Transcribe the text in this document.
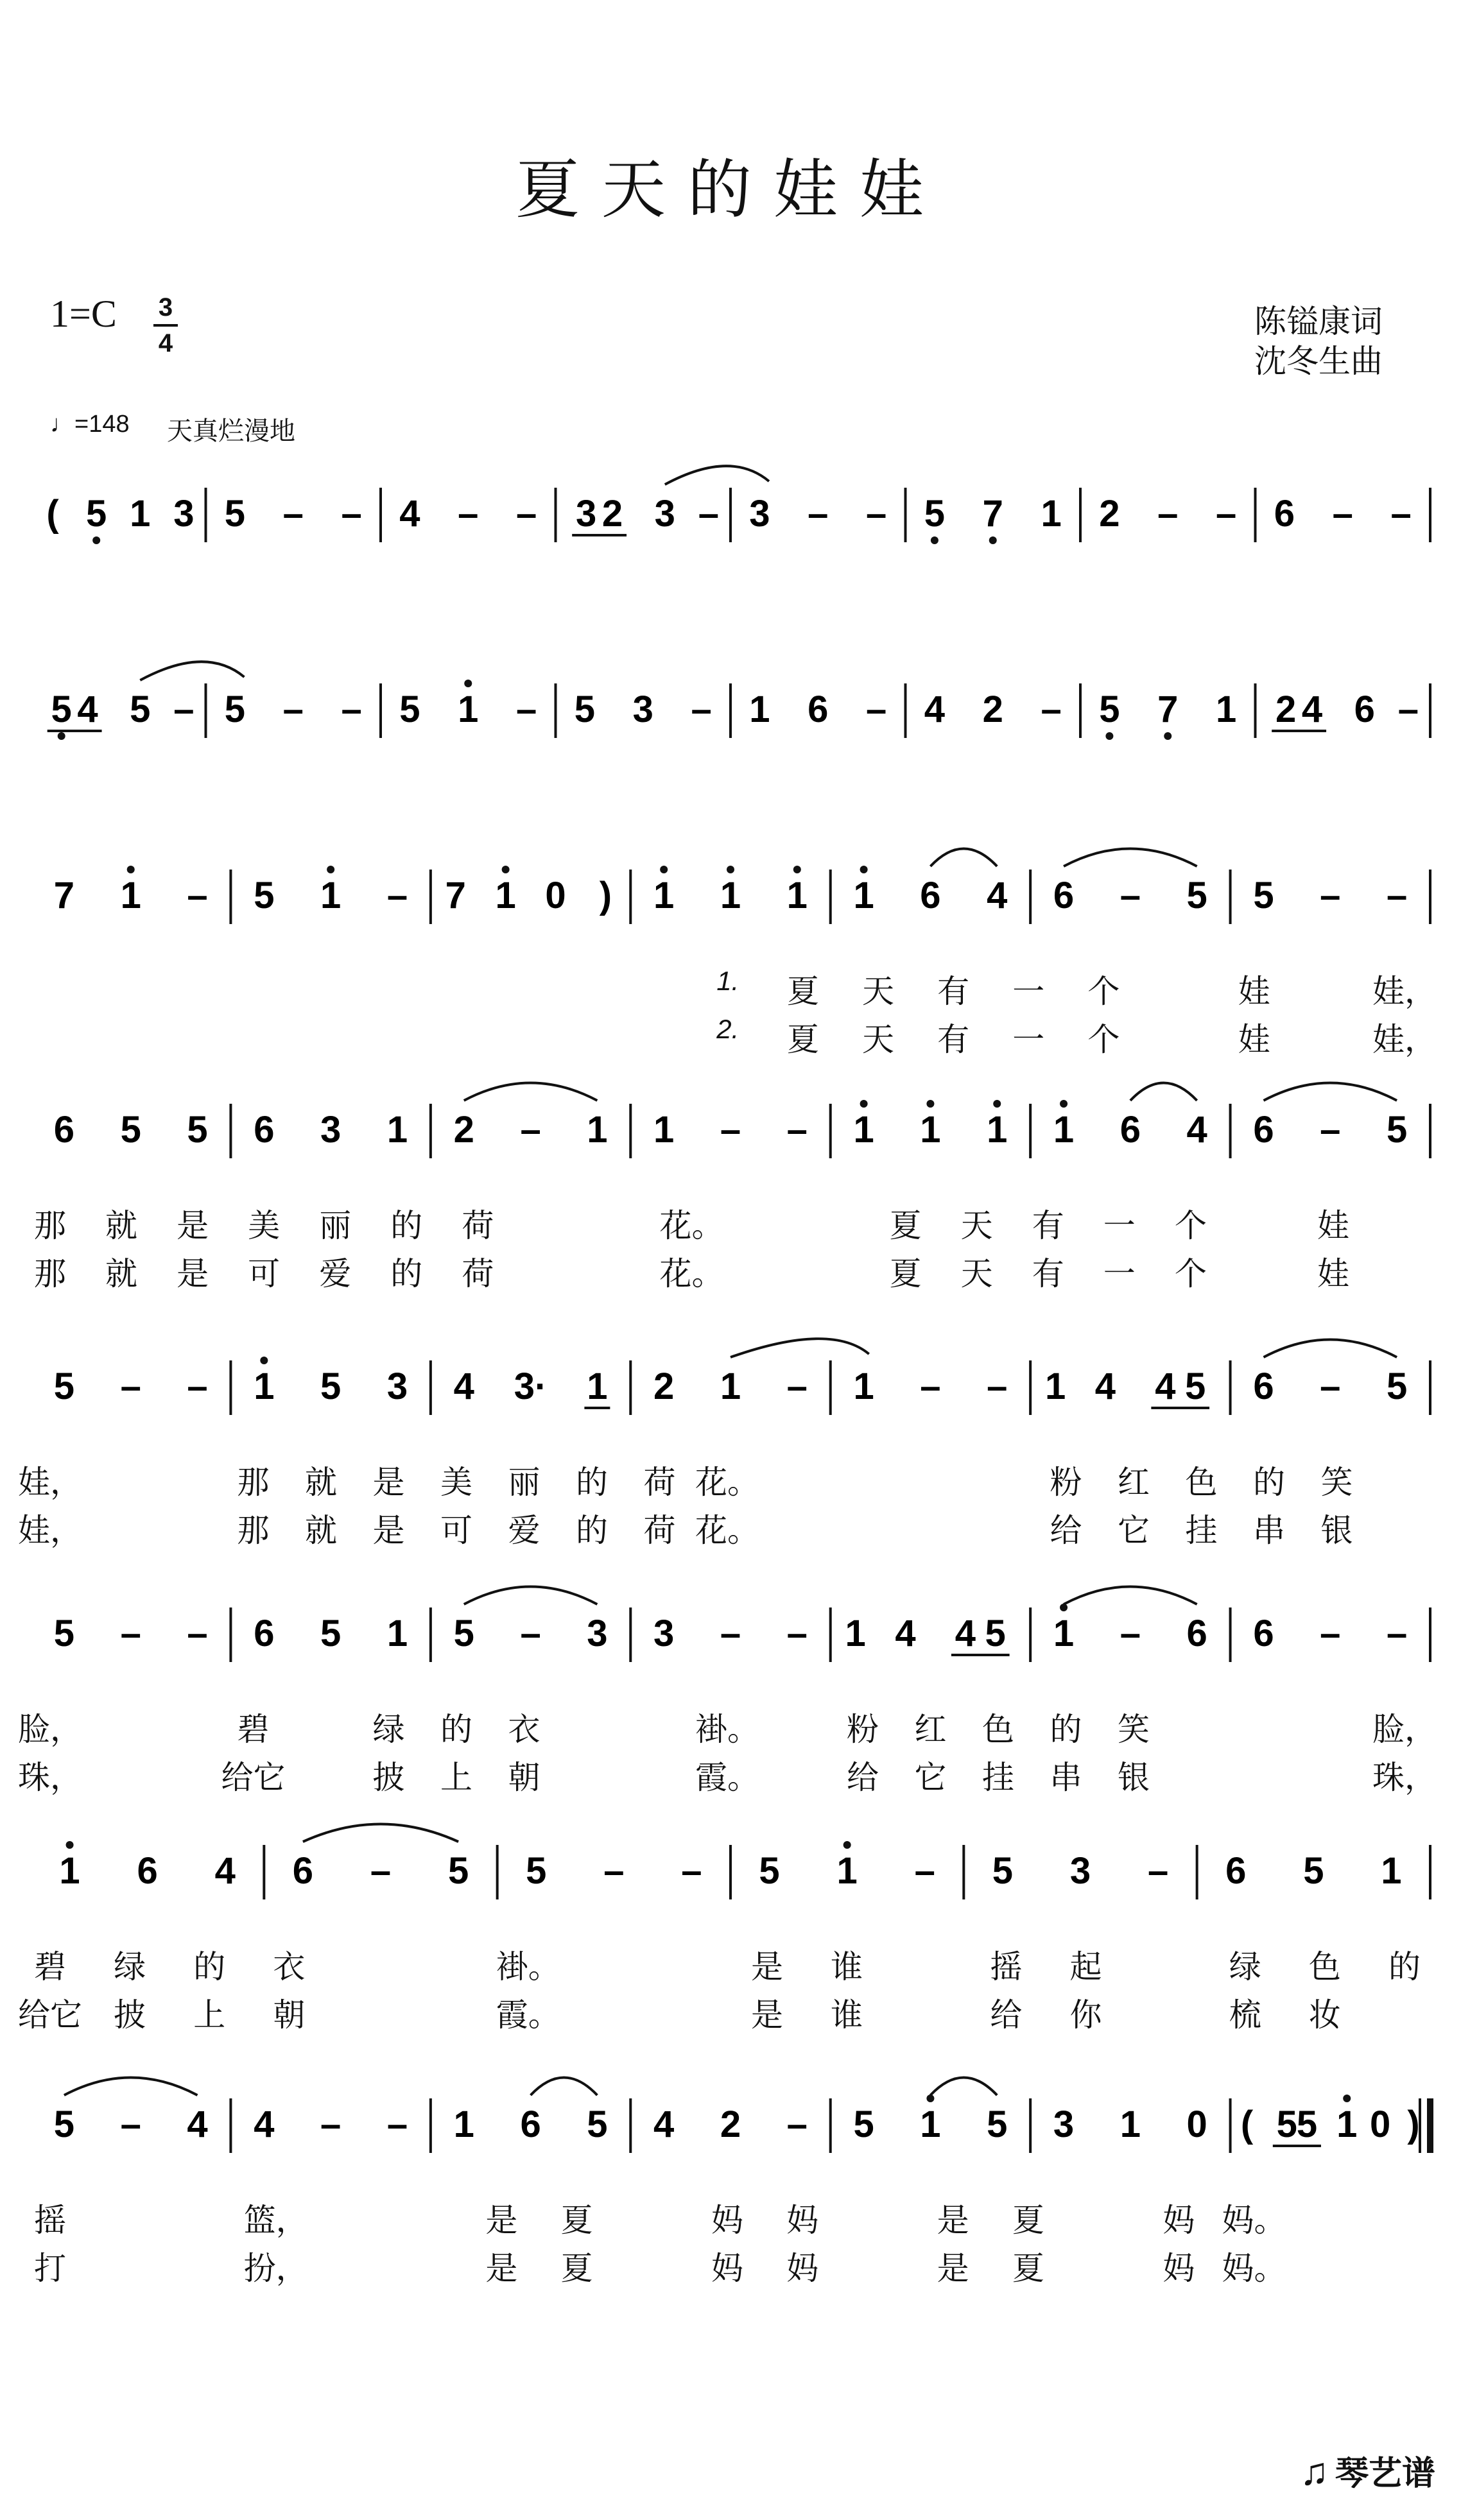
夏天的娃娃
1=C 3
4
陈镒康词
沈冬生曲
♩=148 天真烂漫地
( 5 1 3 5 – – 4 – – 3 2 3 – 3 – – 5 7 1 2 – – 6 – –
5 4 5 – 5 – – 5 1 – 5 3 – 1 6 – 4 2 – 5 7 1 2 4 6 –
7 1 – 5 1 – 7 1 0 ) 1 1 1 1 6 4 6 – 5 5 – –
6 5 5 6 3 1 2 – 1 1 – – 1 1 1 1 6 4 6 – 5
5 – – 1 5 3 4 3· 1 2 1 – 1 – – 1 4 4 5 6 – 5
5 – – 6 5 1 5 – 3 3 – – 1 4 4 5 1 – 6 6 – –
1 6 4 6 – 5 5 – – 5 1 – 5 3 – 6 5 1
5 – 4 4 – – 1 6 5 4 2 – 5 1 5 3 1 0 ( 5
5 1 0 )
1. 夏 天 有 一 个	娃	娃，
2. 夏 天 有 一 个	娃	娃，
那 就 是 美 丽 的 荷	花。	夏 天 有 一 个	娃
那 就 是 可 爱 的 荷	花。	夏 天 有 一 个	娃
娃，	那 就 是 美 丽 的 荷 花。	粉 红 色 的 笑
娃，	那 就 是 可 爱 的 荷 花。	给 它 挂 串 银
脸，	碧	绿 的 衣	褂。	粉 红 色 的 笑	脸，
珠，	给它	披 上 朝	霞。	给 它 挂 串 银	珠，
碧 绿 的 衣	褂。	是 谁	摇 起	绿 色 的
给它 披 上 朝	霞。	是 谁	给 你	梳 妆
摇	篮，	是 夏	妈 妈	是 夏	妈 妈。
打	扮，	是 夏	妈 妈	是 夏	妈 妈。
♫ 琴艺谱
